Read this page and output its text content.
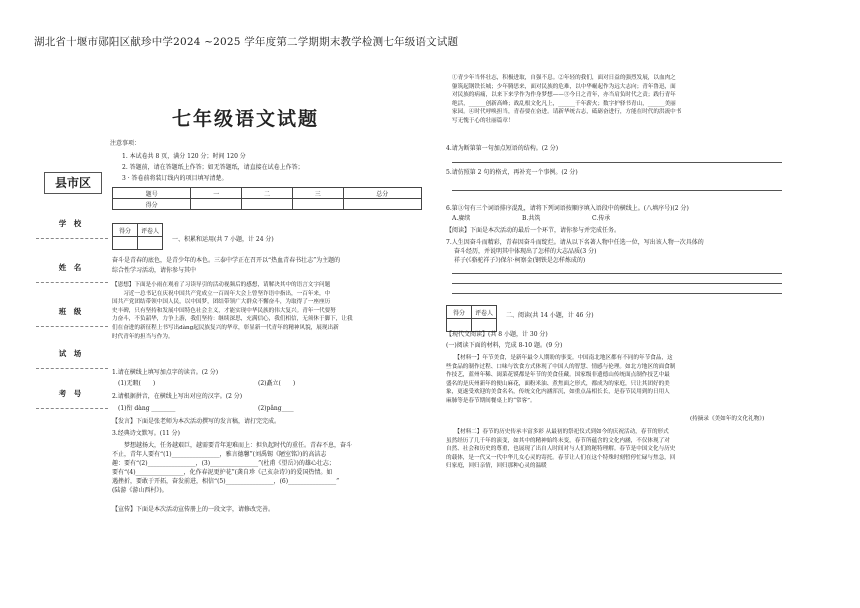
湖北省十堰市郧阳区献珍中学2024 ~2025 学年度第二学期期末教学检测七年级语文试题
七年级语文试题
注意事项：
1. 本试卷共 8 页，满分 120 分；时间 120 分
2. 答题前，请在答题纸上作答；如无答题纸，请直接在试卷上作答；
3 · 答卷前将装订线内的项目填写清楚。
县市区
学　校
姓　名
班　级
试　场
考　号
题号	一	二	三	总分
得分				
得分	评卷人

一、积累和运用(共 7 小题，计 24 分)
奋斗是青春的底色，是青少年的本色。三泰中学正在召开以“热血青春书壮志”为主题的
综合性学习活动，请你参与其中

【恩想】下面是小雨在观看了习读导引的活动视频后的感想，请解决其中的语言文字问题

　　习近一总书记在庆祝中国共产党成立一百周年大会上曾坚诈语中指出，一百年来，中

国共产党团结带领中国人民，以中国梦，团结带领广大群众不懈奋斗，为取得了一座座历

史丰碑，只有坚持和发展中国特色社会主义，才能实现中华民族的伟大复兴。青年一代要努

力奋斗，不负韶华，力争上游，我们坚持：继续深思，充满信心，我们相信，无须休于脚下，让我

们在奋进的新征程上书写出dàng起民族复兴的华章，彰显新一代青年的精神风貌，展现出新

时代青年的担当与作为。

1.请在横线上填写加点字的读音。(2 分)
(1)无暇(　　)	(2)矗立(　　)
2.请根据拼音，在横线上写出对应的汉字。(2 分)
(1)衔 dàng ________	(2)pǎng____
【发言】下面是张老师为本次活动撰写的发言稿，请打完完成。
3.经典诗文默写。(11 分)

　　梦想越扬大，任务越艰巨，越需要青年迎难而上：担负起时代的重任。青春不息，奋斗

不止，青年人要有“(1)________________，雅言德馨”(刘禹锡《陋室铭》)的高洁志

趣：要有“(2)________________，(3)________________”(杜甫《望岳》)的雄心壮志；

要有“(4)________________，化作春泥更护花”(龚自珍《己亥杂诗》)的爱国热情。如

遇挫折，要敢于开拓，奋发前进，相信“(5)________________，(6)________________”

(陆游《游山西村》)。

【宣传】下面是本次活动宣传册上的一段文字，请修改完善。

①青少年当怀壮志，积极进取，自强不息。②年轻的我们，面对日益的强烈发展，以血肉之

躯筑起钢铁长城；少年腾思来，面对民族的危难，以中华崛起作为远大志向；青年鲁迅，面

对民族的病痛，以来下来学作为作身梦想——③今日之青年，亦当肩负时代之责；践行青年

绝活，______创新高峰；战乱根文化凡上，______千年薪火；数字护驿书青山，______美丽

家园。④时代呼唤担当，青春要在奋进。请新华统古志，砥砺奋进行，方能在时代的洪流中书

写无愧于心的壮丽篇章！

4.请为断第第一句加点短语的结构。(2 分)
5.请仿照第 2 句的格式，再补充一个事例。(2 分)
6.第③句有三个词语排序混乱，请将下列词语按顺序填入语段中的横线上。(八填序号)(2 分)
A.赓续	B.共筑	C.传承
【阅读】下面是本次活动的最后一个环节，请你参与并完成任务。

7.人生因奋斗而精彩，青春因奋斗而绽烂。请从以下名著人物中任选一位，写出该人物一次具体的

奋斗经历，并说明其中体现出了怎样的大志品质(3 分)

祥子(《骆驼祥子》)保尔·柯察金(钢铁是怎样炼成的)

得分	评卷人
	二、阅读(共 14 小题，计 46 分)
【现代文阅读】(共 8 小题，计 30 分)
(一)阅读下面的材料，完成 8-10 题。(9 分)

　　【材料一】年节美食，是新年最令人期盼的事变。中国南北地区都有不同的年节食品，这

些食品的制作过程、口味与饮食方式体现了中国人的智慧、情感与伦理。如北方地区的面食制

作技艺，蓝州年稀、闽菜花馍都是年节的美食佳藏。国家级非遗德山传统面点制作技艺中最

盛名的是庆州新年的便山麻花，面粉米油、煮焦面之形式，都成为的家庭，只让其团好的美

象，更遂受欢迎的美食名名，传统文化内涵浑沉，如重点品相长长，是春节民用到的日用人

麻肺等是春节期间餐桌上的“常客”。

(持摘录《美如年的文化礼物》)

　　【材料二】春节的历史传承丰富多彩 从最初的祭祀仪式到如今的庆祝活动，春节的形式

虽然经历了几千年的演变，如其中的精神始终未变，春节所蕴含的文化内涵，不仅体现了对

自然、社会和历史的尊重，也展现了出自人时间对与人们的秘特理解。春节是中国文化与历史

的载体，是一代又一代中华儿女心灵的寄托。春节让人们在这个特殊时刻暂停忙碌与焦急，回

归家庭，回归亲情，回归那种心灵的温暖
